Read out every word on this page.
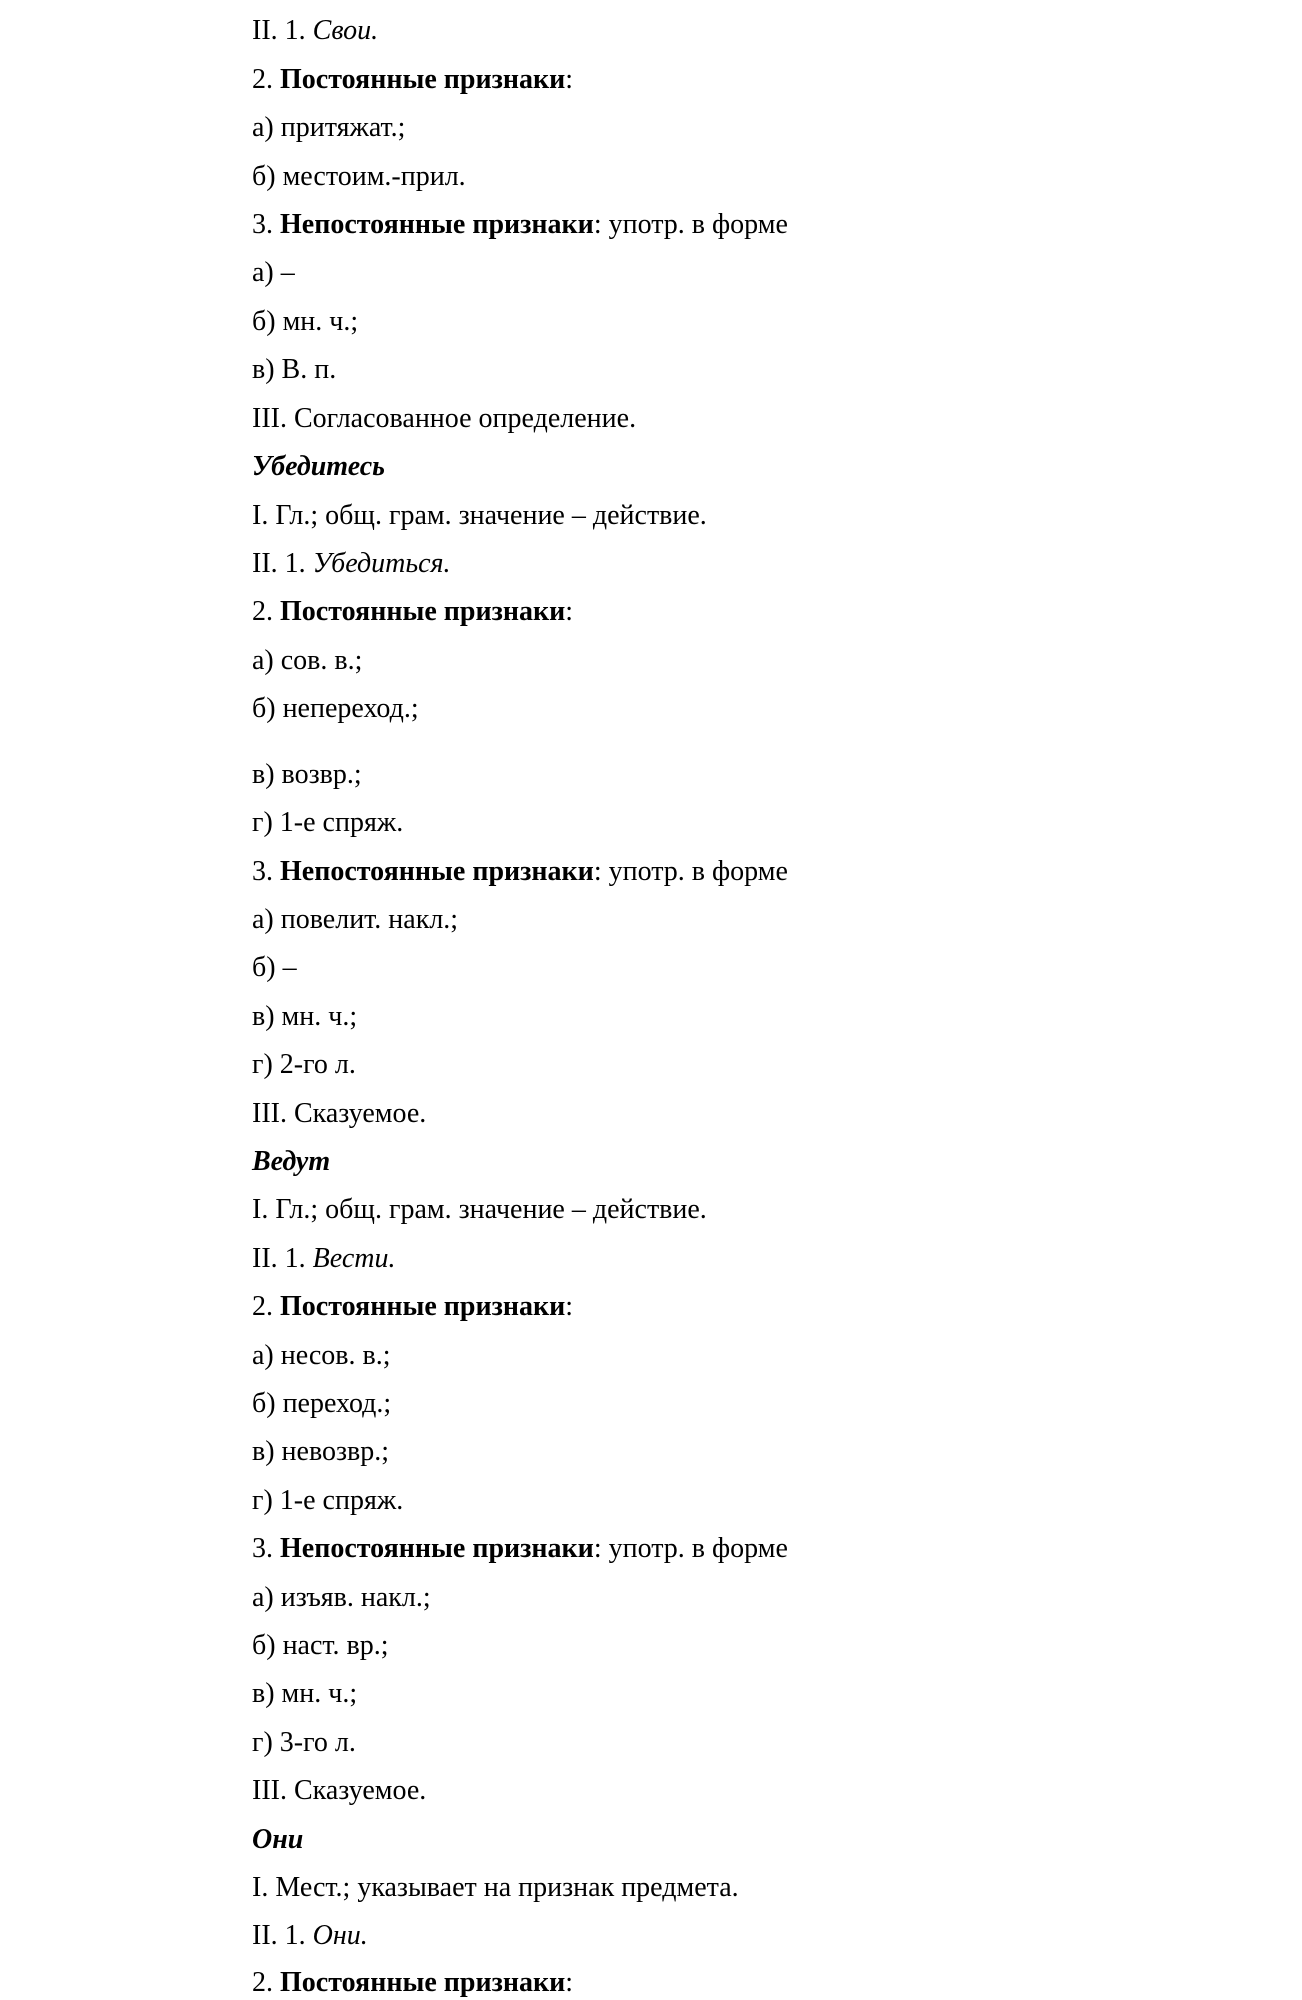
II. 1. Свои.
2. Постоянные признаки:
а) притяжат.;
б) местоим.-прил.
3. Непостоянные признаки: употр. в форме
а) –
б) мн. ч.;
в) В. п.
III. Согласованное определение.
Убедитесь
I. Гл.; общ. грам. значение – действие.
II. 1. Убедиться.
2. Постоянные признаки:
а) сов. в.;
б) непереход.;
в) возвр.;
г) 1-е спряж.
3. Непостоянные признаки: употр. в форме
а) повелит. накл.;
б) –
в) мн. ч.;
г) 2-го л.
III. Сказуемое.
Ведут
I. Гл.; общ. грам. значение – действие.
II. 1. Вести.
2. Постоянные признаки:
а) несов. в.;
б) переход.;
в) невозвр.;
г) 1-е спряж.
3. Непостоянные признаки: употр. в форме
а) изъяв. накл.;
б) наст. вр.;
в) мн. ч.;
г) 3-го л.
III. Сказуемое.
Они
I. Мест.; указывает на признак предмета.
II. 1. Они.
2. Постоянные признаки:
